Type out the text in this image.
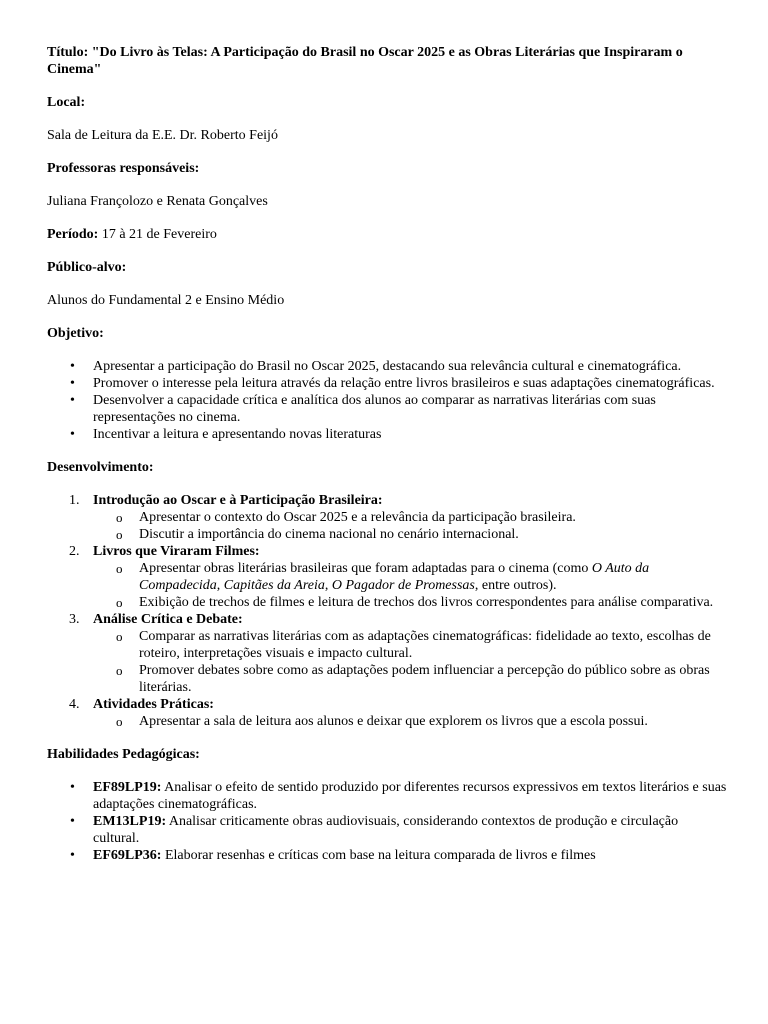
Título: "Do Livro às Telas: A Participação do Brasil no Oscar 2025 e as Obras Literárias que Inspiraram o Cinema"

Local:

Sala de Leitura da E.E. Dr. Roberto Feijó

Professoras responsáveis:

Juliana Françolozo e Renata Gonçalves

Período: 17 à 21 de Fevereiro

Público-alvo:

Alunos do Fundamental 2 e Ensino Médio

Objetivo:

• Apresentar a participação do Brasil no Oscar 2025, destacando sua relevância cultural e cinematográfica.
• Promover o interesse pela leitura através da relação entre livros brasileiros e suas adaptações cinematográficas.
• Desenvolver a capacidade crítica e analítica dos alunos ao comparar as narrativas literárias com suas representações no cinema.
• Incentivar a leitura e apresentando novas literaturas

Desenvolvimento:

1. Introdução ao Oscar e à Participação Brasileira:
o Apresentar o contexto do Oscar 2025 e a relevância da participação brasileira.
o Discutir a importância do cinema nacional no cenário internacional.
2. Livros que Viraram Filmes:
o Apresentar obras literárias brasileiras que foram adaptadas para o cinema (como O Auto da Compadecida, Capitães da Areia, O Pagador de Promessas, entre outros).
o Exibição de trechos de filmes e leitura de trechos dos livros correspondentes para análise comparativa.
3. Análise Crítica e Debate:
o Comparar as narrativas literárias com as adaptações cinematográficas: fidelidade ao texto, escolhas de roteiro, interpretações visuais e impacto cultural.
o Promover debates sobre como as adaptações podem influenciar a percepção do público sobre as obras literárias.
4. Atividades Práticas:
o Apresentar a sala de leitura aos alunos e deixar que explorem os livros que a escola possui.

Habilidades Pedagógicas:

• EF89LP19: Analisar o efeito de sentido produzido por diferentes recursos expressivos em textos literários e suas adaptações cinematográficas.
• EM13LP19: Analisar criticamente obras audiovisuais, considerando contextos de produção e circulação cultural.
• EF69LP36: Elaborar resenhas e críticas com base na leitura comparada de livros e filmes
